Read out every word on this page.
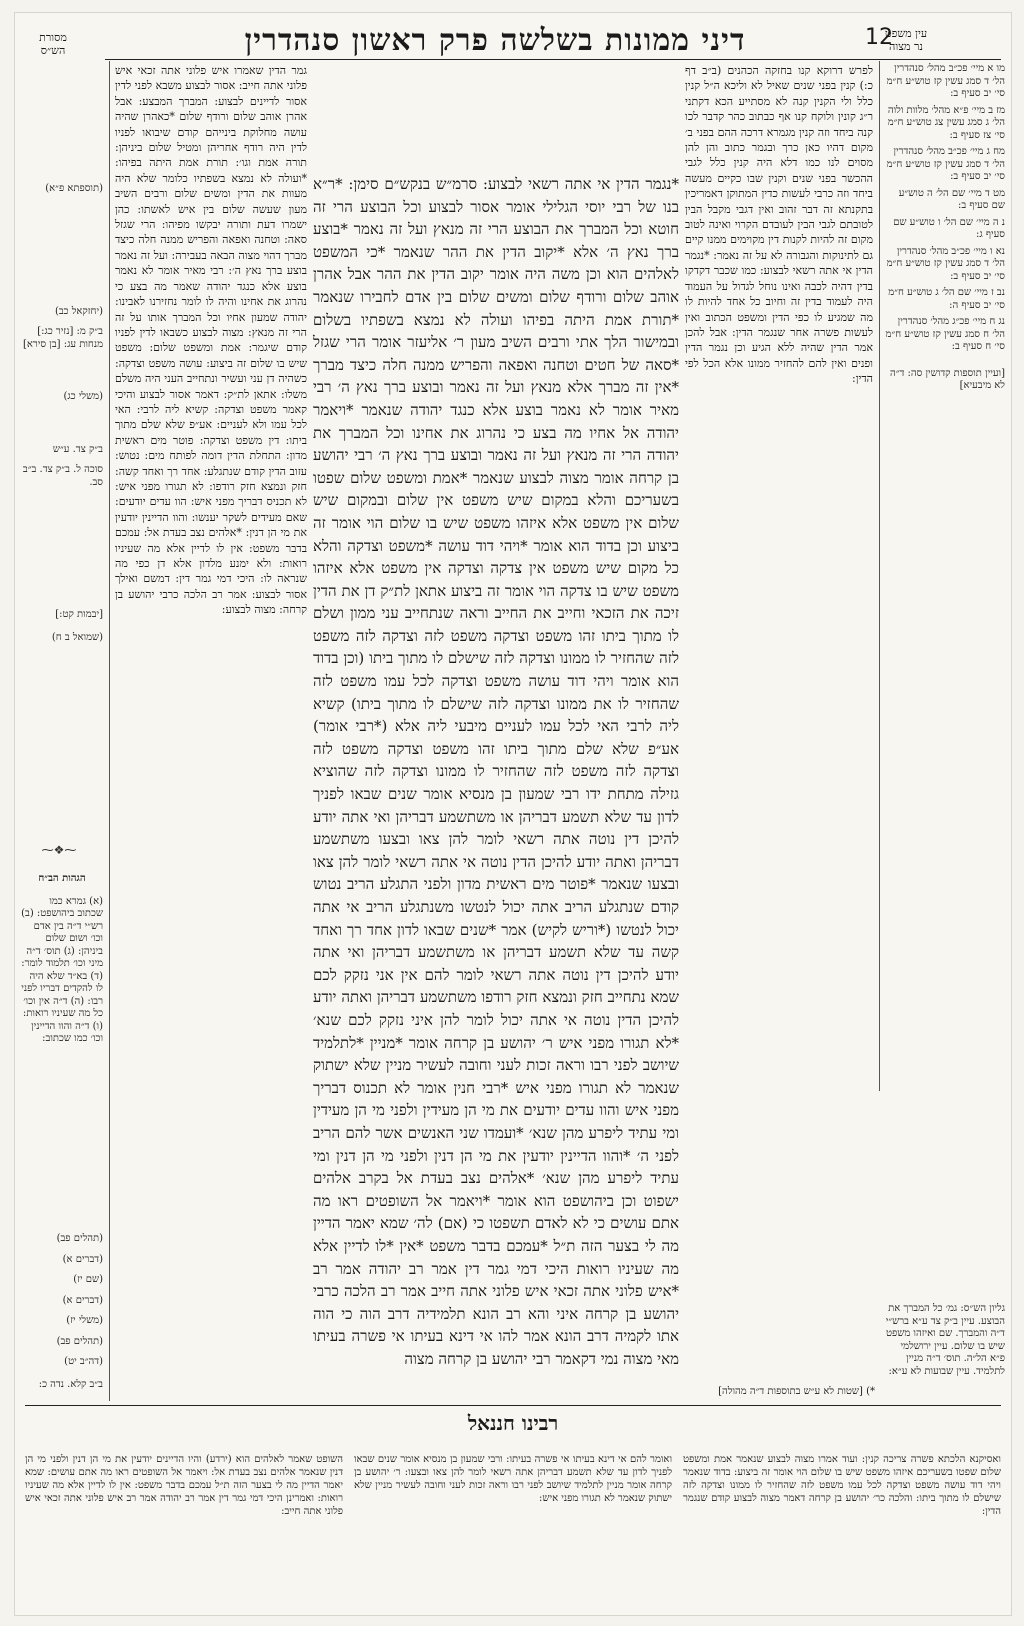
מסורת
הש״ס	דיני ממונות בשלשה פרק ראשון סנהדרין	12	עין משפט
נר מצוה

מו א מיי׳ פכ״ב מהל׳ סנהדרין הל׳ ד סמג עשין קז טוש״ע ח״מ סי׳ יב סעיף ב:

מז ב מיי׳ פ״א מהל׳ מלוות ולוה הל׳ ג סמג עשין צג טוש״ע ח״מ סי׳ צז סעיף ב:

מח ג מיי׳ פכ״ב מהל׳ סנהדרין הל׳ ד סמג עשין קז טוש״ע ח״מ סי׳ יב סעיף ב:

מט ד מיי׳ שם הל׳ ה טוש״ע שם סעיף ב:

נ ה מיי׳ שם הל׳ ו טוש״ע שם סעיף ג:

נא ו מיי׳ פכ״ב מהל׳ סנהדרין הל׳ ד סמג עשין קז טוש״ע ח״מ סי׳ יב סעיף ב:

נב ז מיי׳ שם הל׳ ג טוש״ע ח״מ סי׳ יב סעיף ה:

נג ח מיי׳ פכ״ג מהל׳ סנהדרין הל׳ ח סמג עשין קז טוש״ע ח״מ סי׳ ח סעיף ב:

[ועיין תוספות קדושין סה: ד״ה לא מיבעיא]

גליון הש״ס: גמ׳ כל המברך את הבוצע. עיין ב״ק צד ע״א ברש״י ד״ה והמברך. שם ואיזהו משפט שיש בו שלום. עיין ירושלמי פ״א הל״ה. תוס׳ ד״ה מניין לתלמיד. עיין שבועות לא ע״א:

לפרש דרוקא קנו בחזקה הכהנים (ב״ב דף כ:) קנין בפני שנים שאיל לא וליכא ה״ל קנין כלל ולי הקנין קנה לא מסתייע הכא דקתני ר״ג קונין ולוקח קנו אף כבתוב כהר קדבר לכו קנה ביחד וזה קנין מגמרא דרכה ההם בפני ב׳ מקום דהיו כאן כרך ובגמר כתוב והן להן מסוים לנו כמו דלא היה קנין כלל לגבי ההכשר בפני שנים וקנין שבו כקיים מעשה ביחד וזה כרבי לעשות כדין המתוקן דאמריכין בתקנתא זה דבר זהוב ואין דגבי מקבל הבין לטובתם לגבי הבין לעובדם הקרוי ואינה לטוב מקום זה להיות לקנות דין מקוימים ממנו קיים גם לתינוקות והגבורה לא על זה נאמר: *נגמר הדין אי אתה רשאי לבצוע: כמו שכבר דקדקו בדין דהיה לכבה ואינו נוחל לגדול על העמוד היה לעמוד בדין זה וחיוב כל אחד להיות לו מה שמגיע לו כפי הדין ומשפט הכתוב ואין לעשות פשרה אחר שנגמר הדין: אבל להכן אמר הדין שהיה ללא הגיע וכן נגמר הדין ופנים ואין להם להחזיר ממונו אלא הכל לפי הדין:

*נגמר הדין אי אתה רשאי לבצוע: סרמ״ש בנקש״ם סימן: *ר״א בנו של רבי יוסי הגלילי אומר אסור לבצוע וכל הבוצע הרי זה חוטא וכל המברך את הבוצע הרי זה מנאץ ועל זה נאמר *בוצע ברך נאץ ה׳ אלא *יקוב הדין את ההר שנאמר *כי המשפט לאלהים הוא וכן משה היה אומר יקוב הדין את ההר אבל אהרן אוהב שלום ורודף שלום ומשים שלום בין אדם לחבירו שנאמר *תורת אמת היתה בפיהו ועולה לא נמצא בשפתיו בשלום ובמישור הלך אתי ורבים השיב מעון ר׳ אליעזר אומר הרי שגזל *סאה של חטים וטחנה ואפאה והפריש ממנה חלה כיצד מברך *אין זה מברך אלא מנאץ ועל זה נאמר ובוצע ברך נאץ ה׳ רבי מאיר אומר לא נאמר בוצע אלא כנגד יהודה שנאמר *ויאמר יהודה אל אחיו מה בצע כי נהרוג את אחינו וכל המברך את יהודה הרי זה מנאץ ועל זה נאמר ובוצע ברך נאץ ה׳ רבי יהושע בן קרחה אומר מצוה לבצוע שנאמר *אמת ומשפט שלום שפטו בשעריכם והלא במקום שיש משפט אין שלום ובמקום שיש שלום אין משפט אלא איזהו משפט שיש בו שלום הוי אומר זה ביצוע וכן בדוד הוא אומר *ויהי דוד עושה *משפט וצדקה והלא כל מקום שיש משפט אין צדקה וצדקה אין משפט אלא איזהו משפט שיש בו צדקה הוי אומר זה ביצוע אתאן לת״ק דן את הדין זיכה את הזכאי וחייב את החייב וראה שנתחייב עני ממון ושלם לו מתוך ביתו זהו משפט וצדקה משפט לזה וצדקה לזה משפט לזה שהחזיר לו ממונו וצדקה לזה שישלם לו מתוך ביתו (וכן בדוד הוא אומר ויהי דוד עושה משפט וצדקה לכל עמו משפט לזה שהחזיר לו את ממונו וצדקה לזה שישלם לו מתוך ביתו) קשיא ליה לרבי האי לכל עמו לעניים מיבעי ליה אלא (*רבי אומר) אע״פ שלא שלם מתוך ביתו זהו משפט וצדקה משפט לזה וצדקה לזה משפט לזה שהחזיר לו ממונו וצדקה לזה שהוציא גזילה מתחת ידו רבי שמעון בן מנסיא אומר שנים שבאו לפניך לדון עד שלא תשמע דבריהן או משתשמע דבריהן ואי אתה יודע להיכן דין נוטה אתה רשאי לומר להן צאו ובצעו משתשמע דבריהן ואתה יודע להיכן הדין נוטה אי אתה רשאי לומר להן צאו ובצעו שנאמר *פוטר מים ראשית מדון ולפני התגלע הריב נטוש קודם שנתגלע הריב אתה יכול לנטשו משנתגלע הריב אי אתה יכול לנטשו (*וריש לקיש) אמר *שנים שבאו לדון אחד רך ואחד קשה עד שלא תשמע דבריהן או משתשמע דבריהן ואי אתה יודע להיכן דין נוטה אתה רשאי לומר להם אין אני נזקק לכם שמא נתחייב חזק ונמצא חזק רודפו משתשמע דבריהן ואתה יודע להיכן הדין נוטה אי אתה יכול לומר להן איני נזקק לכם שנא׳ *לא תגורו מפני איש ר׳ יהושע בן קרחה אומר *מניין *לתלמיד שיושב לפני רבו וראה זכות לעני וחובה לעשיר מניין שלא ישתוק שנאמר לא תגורו מפני איש *רבי חנין אומר לא תכנוס דבריך מפני איש והוו עדים יודעים את מי הן מעידין ולפני מי הן מעידין ומי עתיד ליפרע מהן שנא׳ *ועמדו שני האנשים אשר להם הריב לפני ה׳ *והוו הדיינין יודעין את מי הן דנין ולפני מי הן דנין ומי עתיד ליפרע מהן שנא׳ *אלהים נצב בעדת אל בקרב אלהים ישפוט וכן ביהושפט הוא אומר *ויאמר אל השופטים ראו מה אתם עושים כי לא לאדם תשפטו כי (אם) לה׳ שמא יאמר הדיין מה לי בצער הזה ת״ל *עמכם בדבר משפט *אין *לו לדיין אלא מה שעיניו רואות היכי דמי גמר דין אמר רב יהודה אמר רב *איש פלוני אתה זכאי איש פלוני אתה חייב אמר רב הלכה כרבי יהושע בן קרחה איני והא רב הונא תלמידיה דרב הוה כי הוה אתו לקמיה דרב הונא אמר להו אי דינא בעיתו אי פשרה בעיתו מאי מצוה נמי דקאמר רבי יהושע בן קרחה מצוה

גמר הדין שאמרו איש פלוני אתה זכאי איש פלוני אתה חייב: אסור לבצוע משבא לפני לדין אסור לדיינים לבצוע: המברך המבצע: אבל אהרן אוהב שלום ורודף שלום *כאהרן שהיה עושה מחלוקת בינייהם קודם שיבואו לפניו לדין היה רודף אחריהן ומטיל שלום ביניהן: תורה אמת וגו׳: תורת אמת היתה בפיהו: *ועולה לא נמצא בשפתיו כלומר שלא היה מעוות את הדין ומשים שלום ורבים השיב מעון שעשה שלום בין איש לאשתו: כהן ישמרו דעת ותורה יבקשו מפיהו: הרי שגזל סאה: וטחנה ואפאה והפריש ממנה חלה כיצד מברך דהוי מצוה הבאה בעבירה: ועל זה נאמר בוצע ברך נאץ ה׳: רבי מאיר אומר לא נאמר בוצע אלא כנגד יהודה שאמר מה בצע כי נהרוג את אחינו והיה לו לומר נחזירנו לאבינו: יהודה שמעון אחיו וכל המברך אותו על זה הרי זה מנאץ: מצוה לבצוע כשבאו לדין לפניו קודם שיגמר: אמת ומשפט שלום: משפט שיש בו שלום זה ביצוע: עושה משפט וצדקה: כשהיה דן עני ועשיר ונתחייב העני היה משלם משלו: אתאן לת״ק: דאמר אסור לבצוע והיכי קאמר משפט וצדקה: קשיא ליה לרבי: האי לכל עמו ולא לעניים: אע״פ שלא שלם מתוך ביתו: דין משפט וצדקה: פוטר מים ראשית מדון: התחלת הדין דומה לפותח מים: נטוש: עזוב הדין קודם שנתגלע: אחד רך ואחד קשה: חזק ונמצא חזק רודפו: לא תגורו מפני איש: לא תכניס דבריך מפני איש: הוו עדים יודעים: שאם מעידים לשקר יענשו: והוו הדיינין יודעין את מי הן דנין: *אלהים נצב בעדת אל: עמכם בדבר משפט: אין לו לדיין אלא מה שעיניו רואות: ולא ימנע מלדון אלא דן כפי מה שנראה לו: היכי דמי גמר דין: דמשם ואילך אסור לבצוע: אמר רב הלכה כרבי יהושע בן קרחה: מצוה לבצוע:

(תוספתא פ״א)

(יחזקאל כב)

ב״ק מ: [נזיר כג:] מנחות עג: [בן סירא]

(משלי כג)

ב״ק צד. ע״ש

סוכה ל. ב״ק צד. ב״ב סב.

[יבמות קט:]

(שמואל ב ח)

⁓❖⁓

הגהות הב״ח

(א) גמרא כמו שכתוב ביהושפט: (ב) רש״י ד״ה בין אדם וכו׳ ושום שלום ביניהן: (ג) תוס׳ ד״ה מיני וכו׳ תלמוד לומר: (ד) בא״ד שלא היה לו להקדים דבריו לפני רבו: (ה) ד״ה אין וכו׳ כל מה שעיניו רואות: (ו) ד״ה והוו הדיינין וכו׳ כמו שכתוב:

(תהלים פב)

(דברים א)

(שם יז)

(דברים א)

(משלי יז)

(תהלים פב)

(דה״ב יט)

ב״ב קלא. נדה כ:

*) [שטות לא ע״ש בתוספות ד״ה מהולה]

רבינו חננאל

ואסיקנא הלכתא פשרה צריכה קנין: ועוד אמרו מצוה לבצוע שנאמר אמת ומשפט שלום שפטו בשעריכם איזהו משפט שיש בו שלום הוי אומר זה ביצוע: בדוד שנאמר ויהי דוד עושה משפט וצדקה לכל עמו משפט לזה שהחזיר לו ממונו וצדקה לזה שישלם לו מתוך ביתו: והלכה כר׳ יהושע בן קרחה דאמר מצוה לבצוע קודם שנגמר הדין:

ואומר להם אי דינא בעיתו אי פשרה בעיתו: ורבי שמעון בן מנסיא אומר שנים שבאו לפניך לדון עד שלא תשמע דבריהן אתה רשאי לומר להן צאו ובצעו: ר׳ יהושע בן קרחה אומר מניין לתלמיד שיושב לפני רבו וראה זכות לעני וחובה לעשיר מניין שלא ישתוק שנאמר לא תגורו מפני איש:

השופט שאמר לאלהים הוא (ירדע) והיו הדיינים יודעין את מי הן דנין ולפני מי הן דנין שנאמר אלהים נצב בעדת אל: ויאמר אל השופטים ראו מה אתם עושים: שמא יאמר הדיין מה לי בצער הזה ת״ל עמכם בדבר משפט: אין לו לדיין אלא מה שעיניו רואות: ואמרינן היכי דמי גמר דין אמר רב יהודה אמר רב איש פלוני אתה זכאי איש פלוני אתה חייב:
